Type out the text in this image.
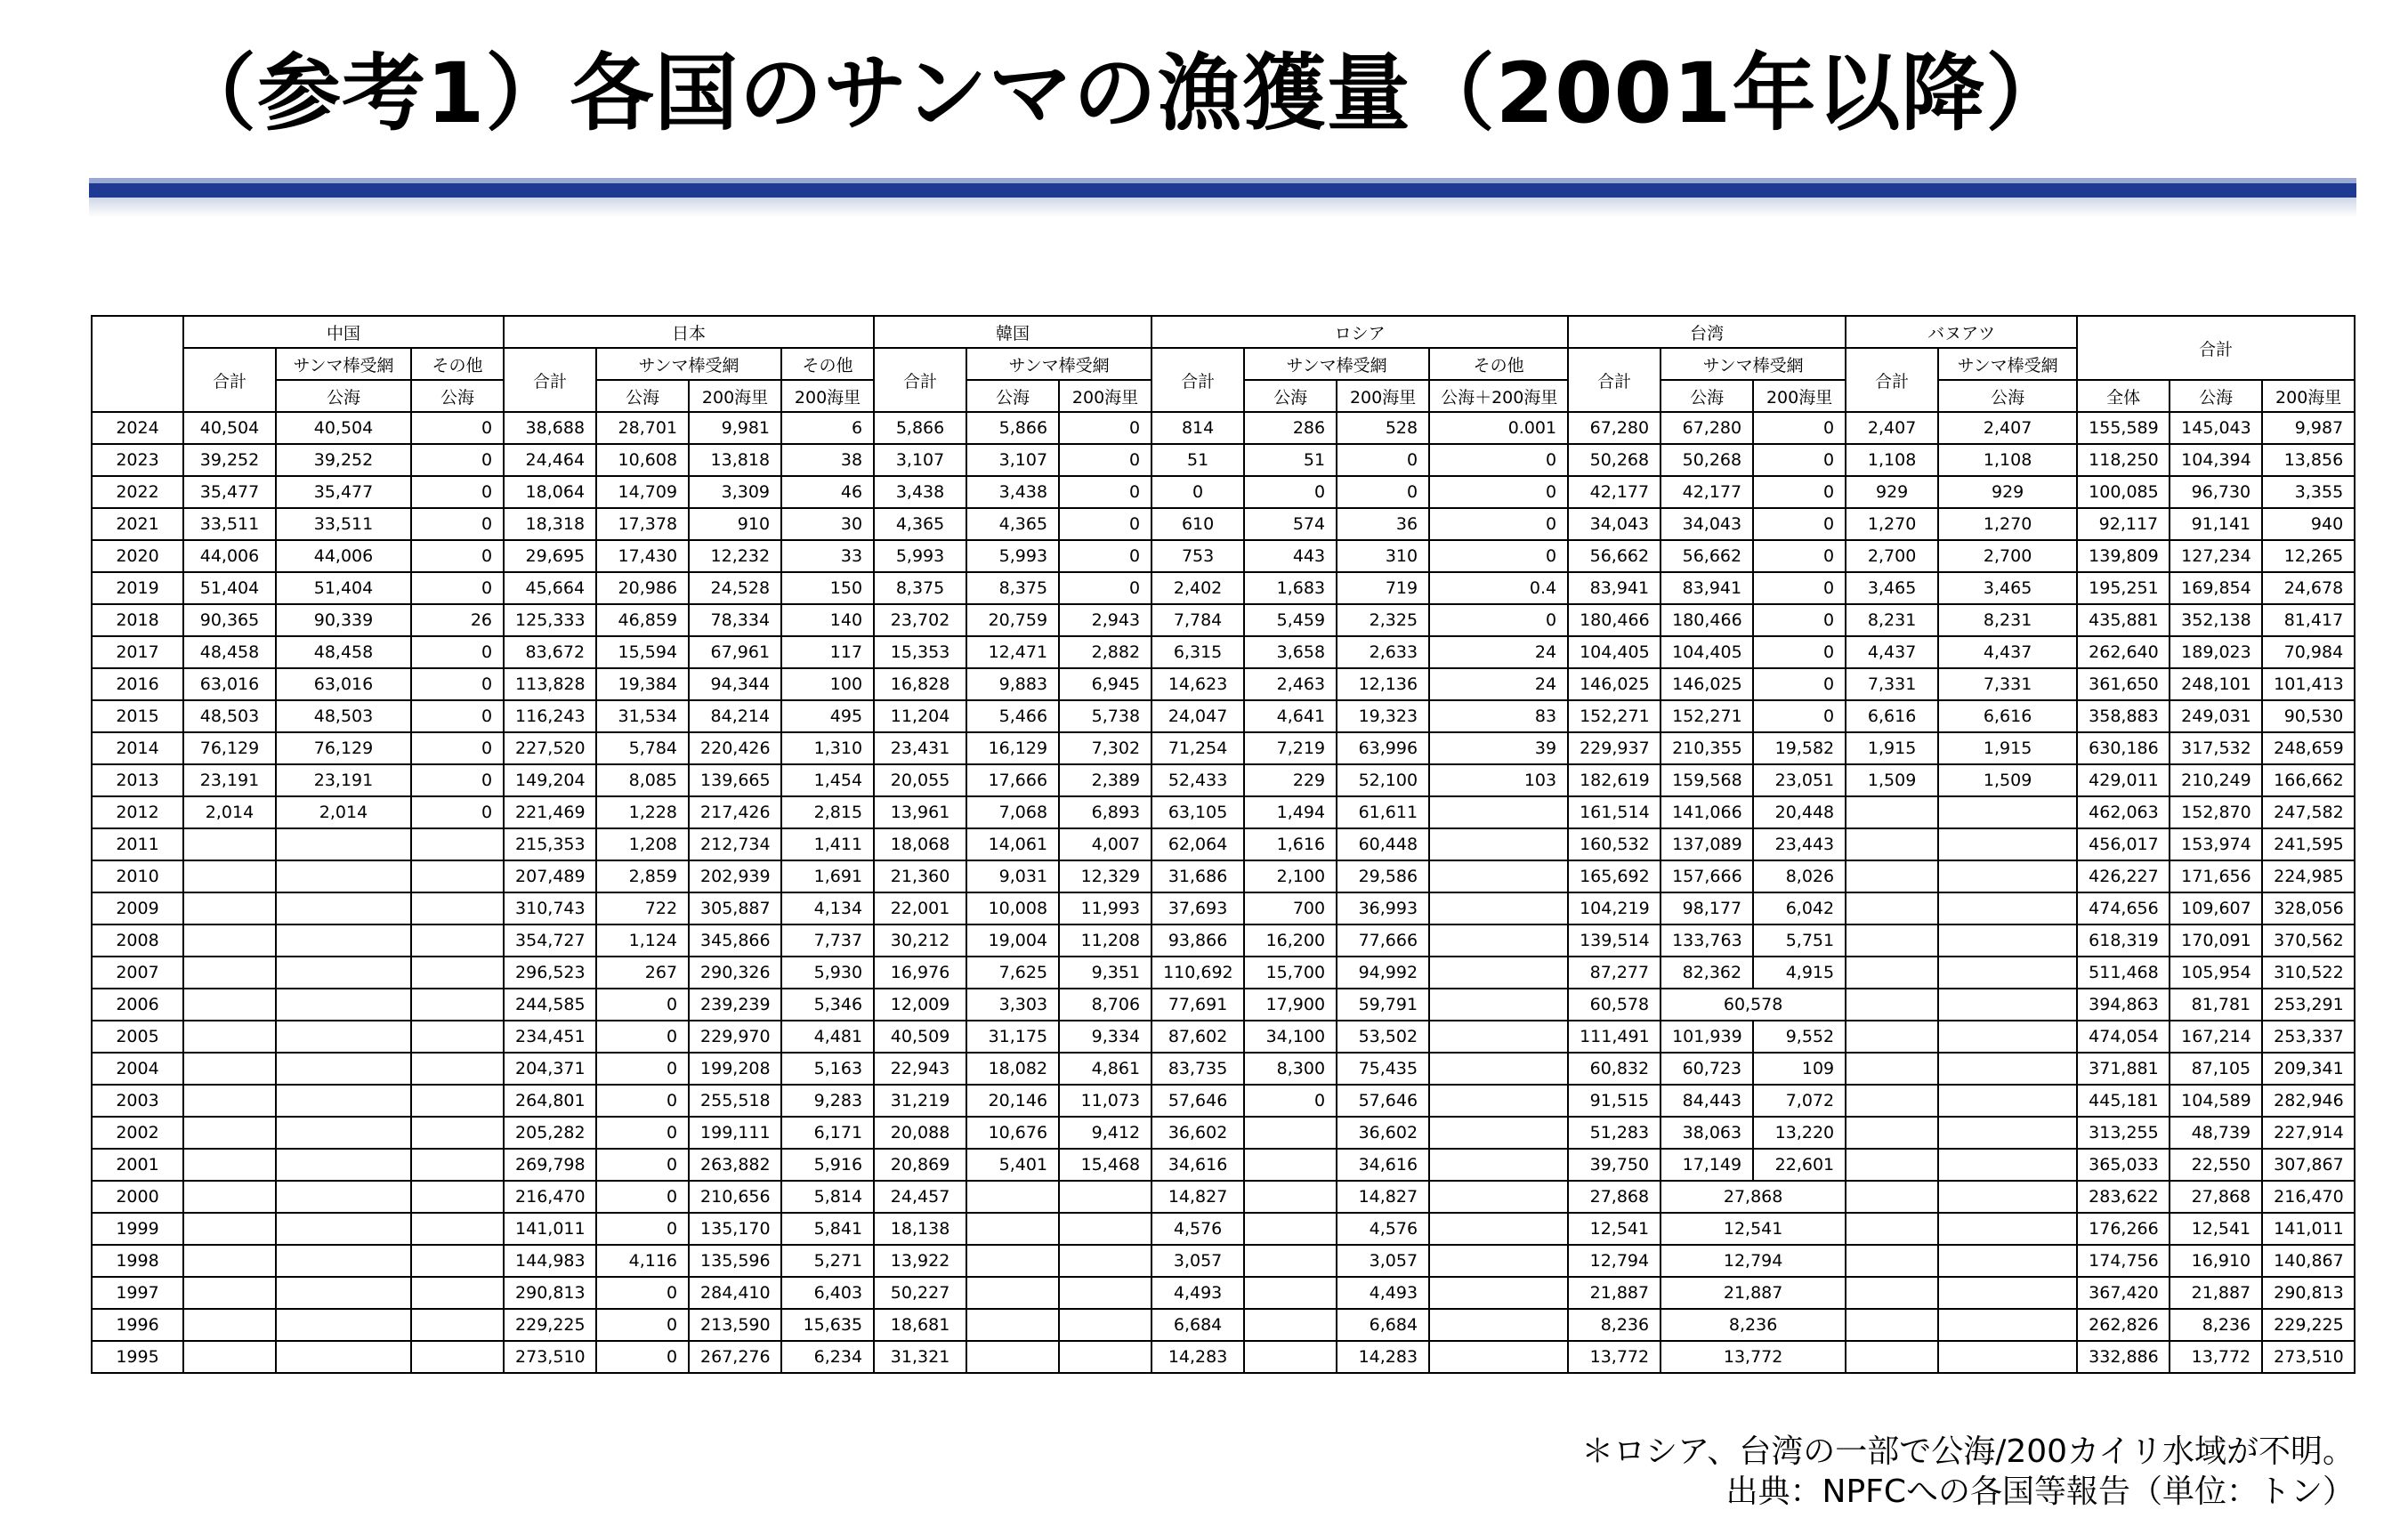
（参考1）各国のサンマの漁獲量（2001年以降）
	中国			日本				韓国			ロシア				台湾			バヌアツ		合計		
	合計	サンマ棒受網	その他	合計	サンマ棒受網		その他	合計	サンマ棒受網		合計	サンマ棒受網		その他	合計	サンマ棒受網		合計	サンマ棒受網			
		公海	公海		公海	200海里	200海里		公海	200海里		公海	200海里	公海＋200海里		公海	200海里		公海	全体	公海	200海里
2024	40,504	40,504	0	38,688	28,701	9,981	6	5,866	5,866	0	814	286	528	0.001	67,280	67,280	0	2,407	2,407	155,589	145,043	9,987
2023	39,252	39,252	0	24,464	10,608	13,818	38	3,107	3,107	0	51	51	0	0	50,268	50,268	0	1,108	1,108	118,250	104,394	13,856
2022	35,477	35,477	0	18,064	14,709	3,309	46	3,438	3,438	0	0	0	0	0	42,177	42,177	0	929	929	100,085	96,730	3,355
2021	33,511	33,511	0	18,318	17,378	910	30	4,365	4,365	0	610	574	36	0	34,043	34,043	0	1,270	1,270	92,117	91,141	940
2020	44,006	44,006	0	29,695	17,430	12,232	33	5,993	5,993	0	753	443	310	0	56,662	56,662	0	2,700	2,700	139,809	127,234	12,265
2019	51,404	51,404	0	45,664	20,986	24,528	150	8,375	8,375	0	2,402	1,683	719	0.4	83,941	83,941	0	3,465	3,465	195,251	169,854	24,678
2018	90,365	90,339	26	125,333	46,859	78,334	140	23,702	20,759	2,943	7,784	5,459	2,325	0	180,466	180,466	0	8,231	8,231	435,881	352,138	81,417
2017	48,458	48,458	0	83,672	15,594	67,961	117	15,353	12,471	2,882	6,315	3,658	2,633	24	104,405	104,405	0	4,437	4,437	262,640	189,023	70,984
2016	63,016	63,016	0	113,828	19,384	94,344	100	16,828	9,883	6,945	14,623	2,463	12,136	24	146,025	146,025	0	7,331	7,331	361,650	248,101	101,413
2015	48,503	48,503	0	116,243	31,534	84,214	495	11,204	5,466	5,738	24,047	4,641	19,323	83	152,271	152,271	0	6,616	6,616	358,883	249,031	90,530
2014	76,129	76,129	0	227,520	5,784	220,426	1,310	23,431	16,129	7,302	71,254	7,219	63,996	39	229,937	210,355	19,582	1,915	1,915	630,186	317,532	248,659
2013	23,191	23,191	0	149,204	8,085	139,665	1,454	20,055	17,666	2,389	52,433	229	52,100	103	182,619	159,568	23,051	1,509	1,509	429,011	210,249	166,662
2012	2,014	2,014	0	221,469	1,228	217,426	2,815	13,961	7,068	6,893	63,105	1,494	61,611		161,514	141,066	20,448			462,063	152,870	247,582
2011				215,353	1,208	212,734	1,411	18,068	14,061	4,007	62,064	1,616	60,448		160,532	137,089	23,443			456,017	153,974	241,595
2010				207,489	2,859	202,939	1,691	21,360	9,031	12,329	31,686	2,100	29,586		165,692	157,666	8,026			426,227	171,656	224,985
2009				310,743	722	305,887	4,134	22,001	10,008	11,993	37,693	700	36,993		104,219	98,177	6,042			474,656	109,607	328,056
2008				354,727	1,124	345,866	7,737	30,212	19,004	11,208	93,866	16,200	77,666		139,514	133,763	5,751			618,319	170,091	370,562
2007				296,523	267	290,326	5,930	16,976	7,625	9,351	110,692	15,700	94,992		87,277	82,362	4,915			511,468	105,954	310,522
2006				244,585	0	239,239	5,346	12,009	3,303	8,706	77,691	17,900	59,791		60,578	60,578				394,863	81,781	253,291
2005				234,451	0	229,970	4,481	40,509	31,175	9,334	87,602	34,100	53,502		111,491	101,939	9,552			474,054	167,214	253,337
2004				204,371	0	199,208	5,163	22,943	18,082	4,861	83,735	8,300	75,435		60,832	60,723	109			371,881	87,105	209,341
2003				264,801	0	255,518	9,283	31,219	20,146	11,073	57,646	0	57,646		91,515	84,443	7,072			445,181	104,589	282,946
2002				205,282	0	199,111	6,171	20,088	10,676	9,412	36,602		36,602		51,283	38,063	13,220			313,255	48,739	227,914
2001				269,798	0	263,882	5,916	20,869	5,401	15,468	34,616		34,616		39,750	17,149	22,601			365,033	22,550	307,867
2000				216,470	0	210,656	5,814	24,457			14,827		14,827		27,868	27,868				283,622	27,868	216,470
1999				141,011	0	135,170	5,841	18,138			4,576		4,576		12,541	12,541				176,266	12,541	141,011
1998				144,983	4,116	135,596	5,271	13,922			3,057		3,057		12,794	12,794				174,756	16,910	140,867
1997				290,813	0	284,410	6,403	50,227			4,493		4,493		21,887	21,887				367,420	21,887	290,813
1996				229,225	0	213,590	15,635	18,681			6,684		6,684		8,236	8,236				262,826	8,236	229,225
1995				273,510	0	267,276	6,234	31,321			14,283		14,283		13,772	13,772				332,886	13,772	273,510
＊ロシア、台湾の一部で公海/200カイリ水域が不明。
出典：NPFCへの各国等報告（単位：トン）
